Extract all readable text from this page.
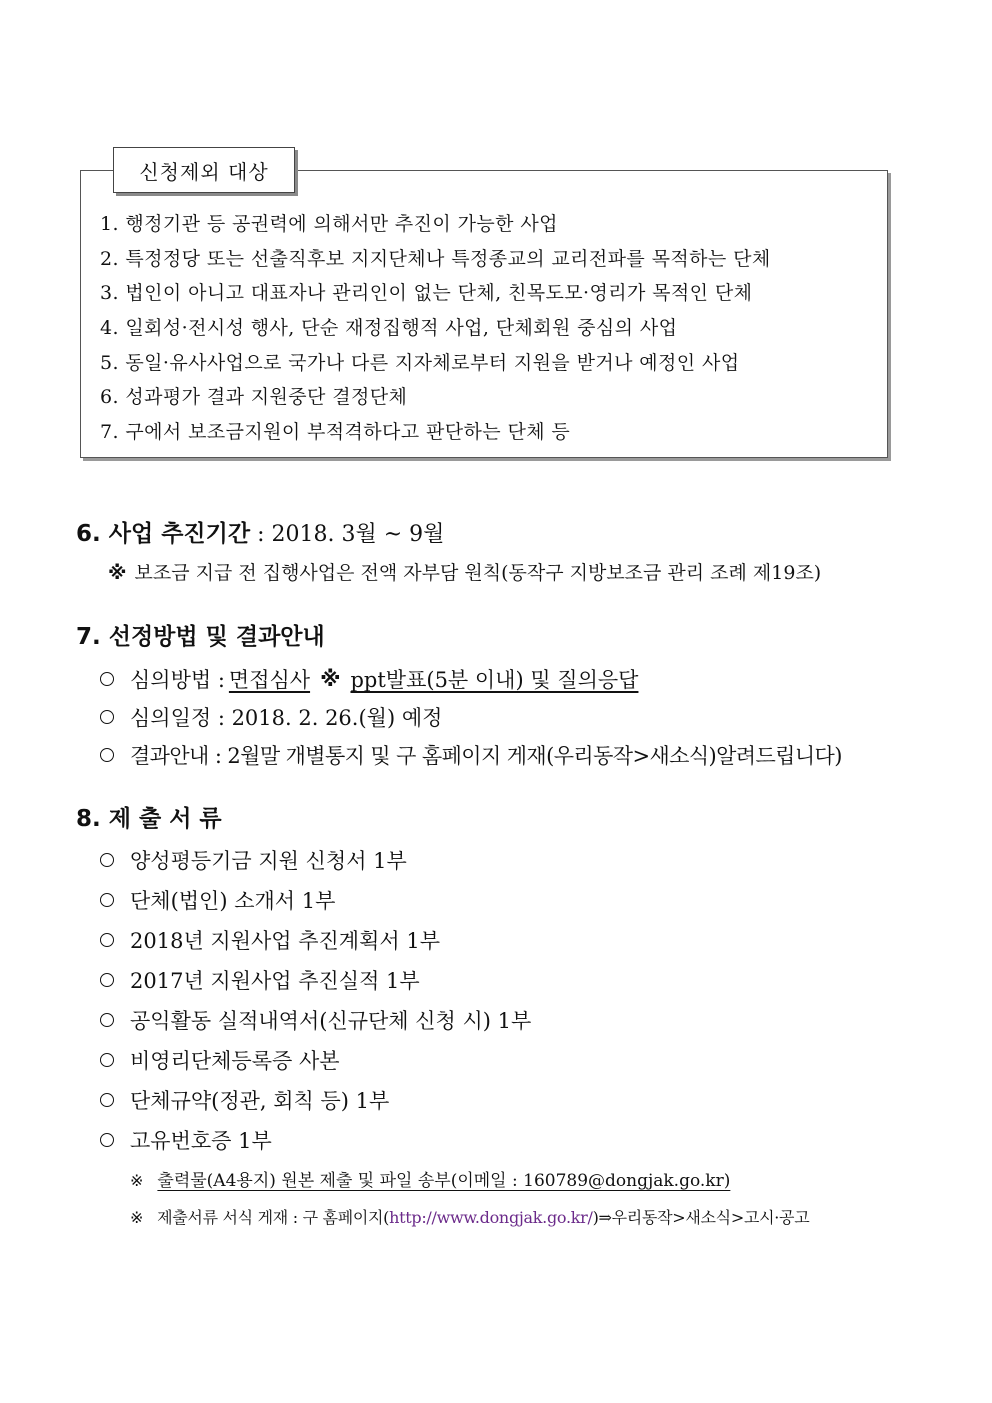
신청제외 대상
1. 행정기관 등 공권력에 의해서만 추진이 가능한 사업
2. 특정정당 또는 선출직후보 지지단체나 특정종교의 교리전파를 목적하는 단체
3. 법인이 아니고 대표자나 관리인이 없는 단체, 친목도모·영리가 목적인 단체
4. 일회성·전시성 행사, 단순 재정집행적 사업, 단체회원 중심의 사업
5. 동일·유사사업으로 국가나 다른 지자체로부터 지원을 받거나 예정인 사업
6. 성과평가 결과 지원중단 결정단체
7. 구에서 보조금지원이 부적격하다고 판단하는 단체 등
6. 사업 추진기간 : 2018. 3월 ~ 9월
※ 보조금 지급 전 집행사업은 전액 자부담 원칙(동작구 지방보조금 관리 조례 제19조)
7. 선정방법 및 결과안내
심의방법 : 면접심사 ※ ppt발표(5분 이내) 및 질의응답
심의일정 : 2018. 2. 26.(월) 예정
결과안내 : 2월말 개별통지 및 구 홈페이지 게재(우리동작>새소식)알려드립니다)
8. 제 출 서 류
양성평등기금 지원 신청서 1부
단체(법인) 소개서 1부
2018년 지원사업 추진계획서 1부
2017년 지원사업 추진실적 1부
공익활동 실적내역서(신규단체 신청 시) 1부
비영리단체등록증 사본
단체규약(정관, 회칙 등) 1부
고유번호증 1부
※ 출력물(A4용지) 원본 제출 및 파일 송부(이메일 : 160789@dongjak.go.kr)
※ 제출서류 서식 게재 : 구 홈페이지(http://www.dongjak.go.kr/)⇒우리동작>새소식>고시·공고
